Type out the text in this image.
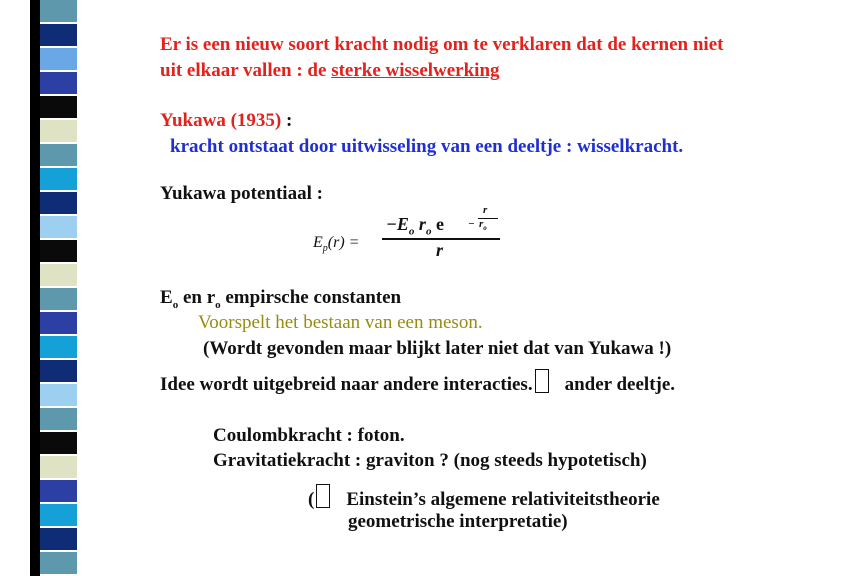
Er is een nieuw soort kracht nodig om te verklaren dat de kernen niet
uit elkaar vallen : de sterke wisselwerking
Yukawa (1935) :
kracht ontstaat door uitwisseling van een deeltje : wisselkracht.
Yukawa potentiaal :
$E_p(r)$ =
$-E_o$ $r_o$ e
r
$r_o$
−
r
$E_o$ en $r_o$ empirsche constanten
Voorspelt het bestaan van een meson.
(Wordt gevonden maar blijkt later niet dat van Yukawa !)
Idee wordt uitgebreid naar andere interacties. ander deeltje.
Coulombkracht : foton.
Gravitatiekracht : graviton ? (nog steeds hypotetisch)
( Einstein’s algemene relativiteitstheorie
geometrische interpretatie)
